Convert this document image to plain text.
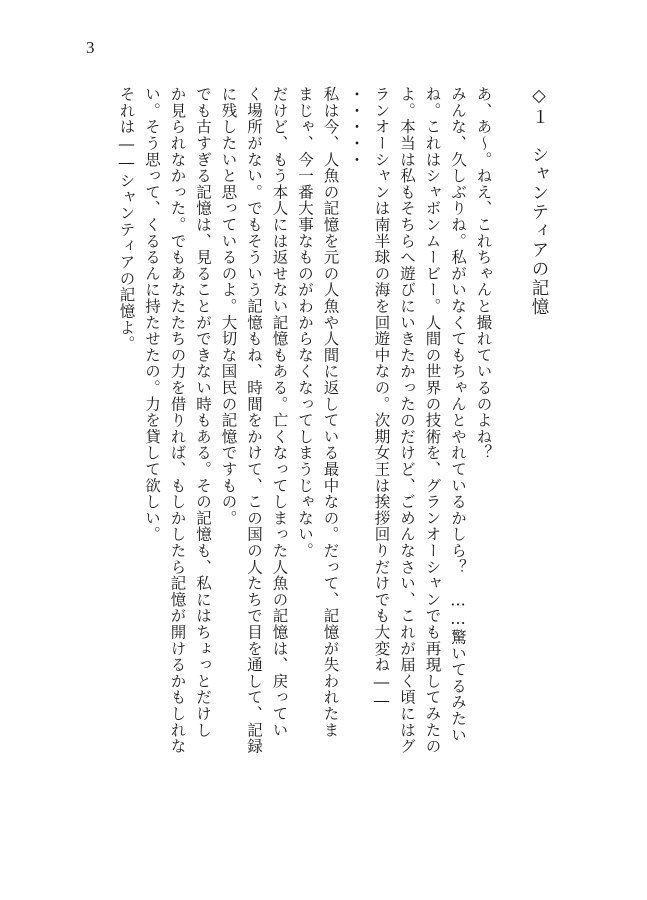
3
◇１　シャンティアの記憶
あ、あ〜。ねえ、これちゃんと撮れているのよね？
みんな、久しぶりね。私がいなくてもちゃんとやれているかしら？　……驚いてるみたい
ね。これはシャボンムービー。人間の世界の技術を、グランオーシャンでも再現してみたの
よ。本当は私もそちらへ遊びにいきたかったのだけど、ごめんなさい、これが届く頃にはグ
ランオーシャンは南半球の海を回遊中なの。次期女王は挨拶回りだけでも大変ね――
・・・・・
私は今、人魚の記憶を元の人魚や人間に返している最中なの。だって、記憶が失われたま
まじゃ、今一番大事なものがわからなくなってしまうじゃない。
だけど、もう本人には返せない記憶もある。亡くなってしまった人魚の記憶は、戻ってい
く場所がない。でもそういう記憶もね、時間をかけて、この国の人たちで目を通して、記録
に残したいと思っているのよ。大切な国民の記憶ですもの。
でも古すぎる記憶は、見ることができない時もある。その記憶も、私にはちょっとだけし
か見られなかった。でもあなたたちの力を借りれば、もしかしたら記憶が開けるかもしれな
い。そう思って、くるるんに持たせたの。力を貸して欲しい。
それは――シャンティアの記憶よ。
